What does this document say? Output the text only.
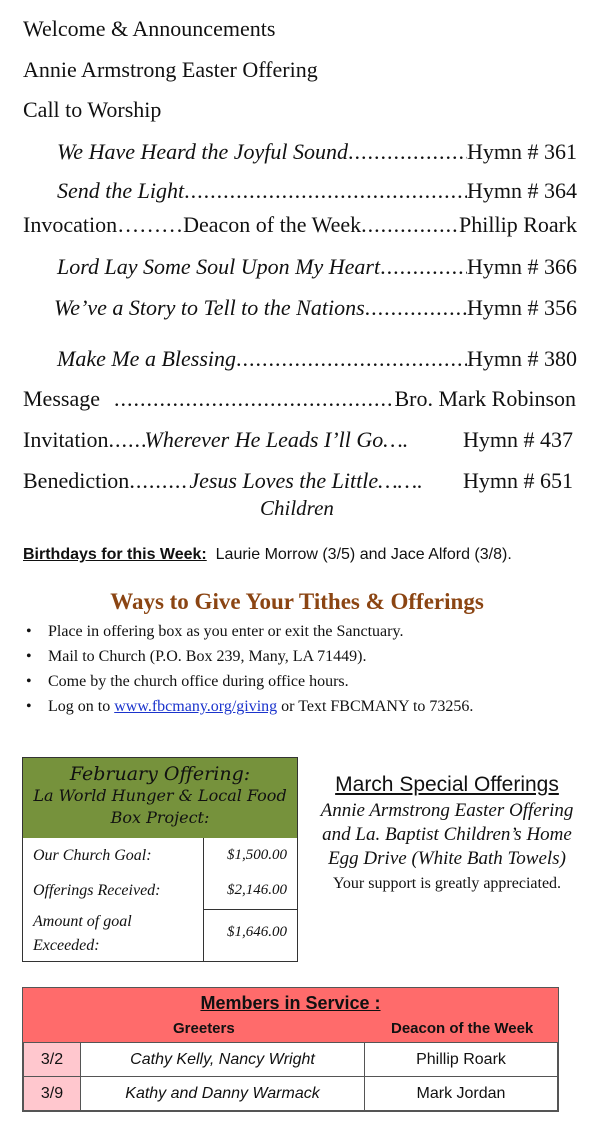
Welcome & Announcements
Annie Armstrong Easter Offering
Call to Worship
We Have Heard the Joyful Sound .....	Hymn # 361
Send the Light .....	Hymn # 364
Invocation………Deacon of the Week .....	Phillip Roark
Lord Lay Some Soul Upon My Heart .....	Hymn # 366
We’ve a Story to Tell to the Nations .....	Hymn # 356
Make Me a Blessing .....	Hymn # 380
Message .....	Bro. Mark Robinson
Invitation ..... Wherever He Leads I’ll Go…. Hymn # 437
Benediction .....	Jesus Loves the Little……. Hymn # 651
Children
Birthdays for this Week: Laurie Morrow (3/5) and Jace Alford (3/8).
Ways to Give Your Tithes & Offerings
• Place in offering box as you enter or exit the Sanctuary.
• Mail to Church (P.O. Box 239, Many, LA 71449).
• Come by the church office during office hours.
• Log on to www.fbcmany.org/giving or Text FBCMANY to 73256.
February Offering:
La World Hunger & Local Food Box Project:
Our Church Goal:	$1,500.00
Offerings Received:	$2,146.00
Amount of goal
Exceeded:
$1,646.00
March Special Offerings
Annie Armstrong Easter Offering and La. Baptist Children’s Home Egg Drive (White Bath Towels)
Your support is greatly appreciated.
Members in Service :
Greeters	Deacon of the Week
3/2	Cathy Kelly, Nancy Wright	Phillip Roark
3/9	Kathy and Danny Warmack	Mark Jordan
